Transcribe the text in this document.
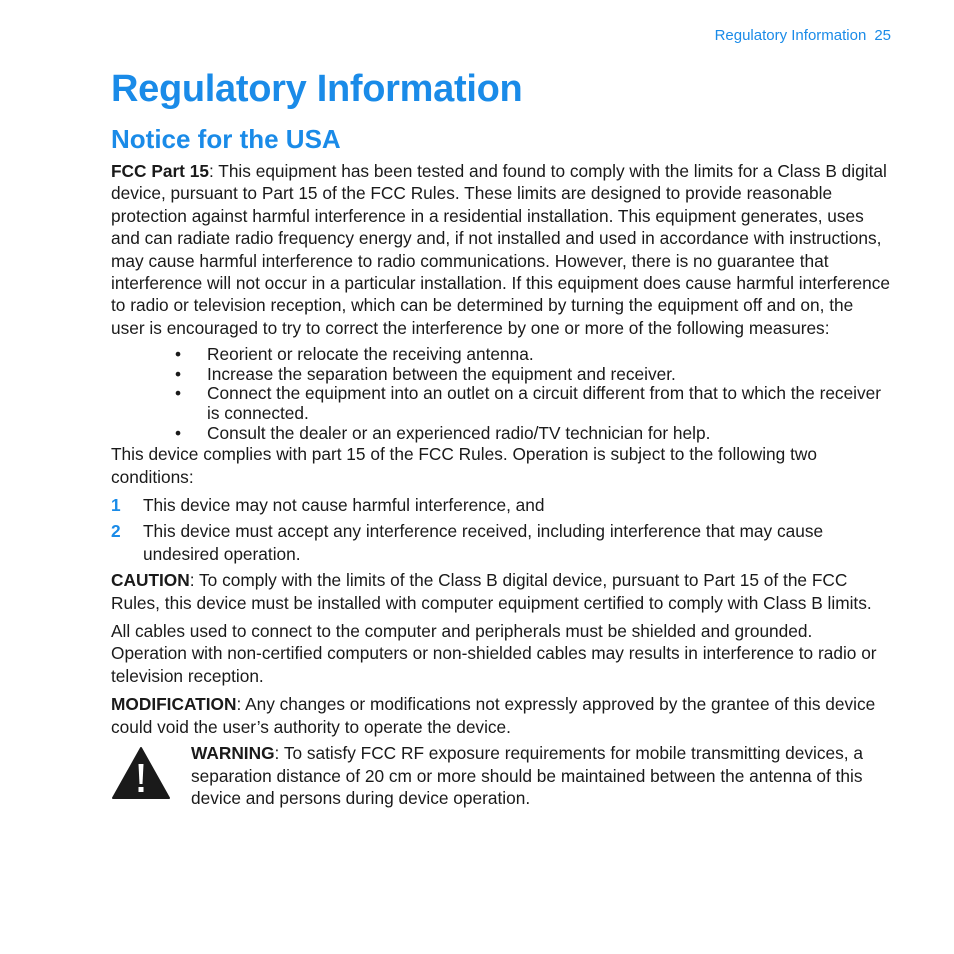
Regulatory Information 25
Regulatory Information
Notice for the USA

FCC Part 15: This equipment has been tested and found to comply with the limits for a Class B digital device, pursuant to Part 15 of the FCC Rules. These limits are designed to provide reasonable protection against harmful interference in a residential installation. This equipment generates, uses and can radiate radio frequency energy and, if not installed and used in accordance with instructions, may cause harmful interference to radio communications. However, there is no guarantee that interference will not occur in a particular installation. If this equipment does cause harmful interference to radio or television reception, which can be determined by turning the equipment off and on, the user is encouraged to try to correct the interference by one or more of the following measures:

• Reorient or relocate the receiving antenna.
• Increase the separation between the equipment and receiver.
• Connect the equipment into an outlet on a circuit different from that to which the receiver is connected.
• Consult the dealer or an experienced radio/TV technician for help.

This device complies with part 15 of the FCC Rules. Operation is subject to the following two conditions:

1 This device may not cause harmful interference, and
2 This device must accept any interference received, including interference that may cause undesired operation.

CAUTION: To comply with the limits of the Class B digital device, pursuant to Part 15 of the FCC Rules, this device must be installed with computer equipment certified to comply with Class B limits.

All cables used to connect to the computer and peripherals must be shielded and grounded. Operation with non-certified computers or non-shielded cables may results in interference to radio or television reception.

MODIFICATION: Any changes or modifications not expressly approved by the grantee of this device could void the user’s authority to operate the device.

WARNING: To satisfy FCC RF exposure requirements for mobile transmitting devices, a separation distance of 20 cm or more should be maintained between the antenna of this device and persons during device operation.
